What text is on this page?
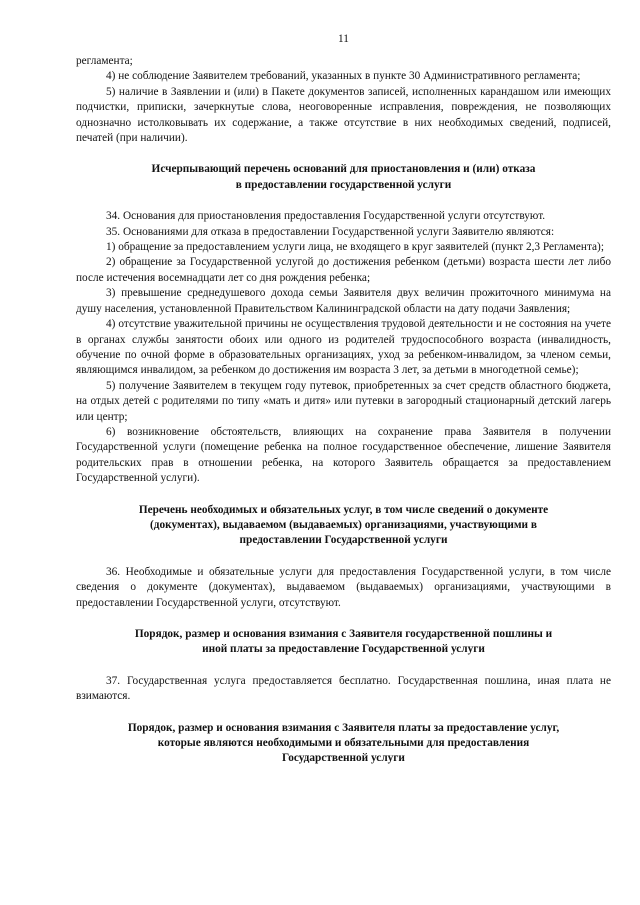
11

регламента;

4) не соблюдение Заявителем требований, указанных в пункте 30 Административного регламента;

5) наличие в Заявлении и (или) в Пакете документов записей, исполненных карандашом или имеющих подчистки, приписки, зачеркнутые слова, неоговоренные исправления, повреждения, не позволяющих однозначно истолковывать их содержание, а также отсутствие в них необходимых сведений, подписей, печатей (при наличии).

Исчерпывающий перечень оснований для приостановления и (или) отказа
в предоставлении государственной услуги

34. Основания для приостановления предоставления Государственной услуги отсутствуют.

35. Основаниями для отказа в предоставлении Государственной услуги Заявителю являются:

1) обращение за предоставлением услуги лица, не входящего в круг заявителей (пункт 2,3 Регламента);

2) обращение за Государственной услугой до достижения ребенком (детьми) возраста шести лет либо после истечения восемнадцати лет со дня рождения ребенка;

3) превышение среднедушевого дохода семьи Заявителя двух величин прожиточного минимума на душу населения, установленной Правительством Калининградской области на дату подачи Заявления;

4) отсутствие уважительной причины не осуществления трудовой деятельности и не состояния на учете в органах службы занятости обоих или одного из родителей трудоспособного возраста (инвалидность, обучение по очной форме в образовательных организациях, уход за ребенком-инвалидом, за членом семьи, являющимся инвалидом, за ребенком до достижения им возраста 3 лет, за детьми в многодетной семье);

5) получение Заявителем в текущем году путевок, приобретенных за счет средств областного бюджета, на отдых детей с родителями по типу «мать и дитя» или путевки в загородный стационарный детский лагерь или центр;

6) возникновение обстоятельств, влияющих на сохранение права Заявителя в получении Государственной услуги (помещение ребенка на полное государственное обеспечение, лишение Заявителя родительских прав в отношении ребенка, на которого Заявитель обращается за предоставлением Государственной услуги).

Перечень необходимых и обязательных услуг, в том числе сведений о документе
(документах), выдаваемом (выдаваемых) организациями, участвующими в
предоставлении Государственной услуги

36. Необходимые и обязательные услуги для предоставления Государственной услуги, в том числе сведения о документе (документах), выдаваемом (выдаваемых) организациями, участвующими в предоставлении Государственной услуги, отсутствуют.

Порядок, размер и основания взимания с Заявителя государственной пошлины и
иной платы за предоставление Государственной услуги

37. Государственная услуга предоставляется бесплатно. Государственная пошлина, иная плата не взимаются.

Порядок, размер и основания взимания с Заявителя платы за предоставление услуг,
которые являются необходимыми и обязательными для предоставления
Государственной услуги
